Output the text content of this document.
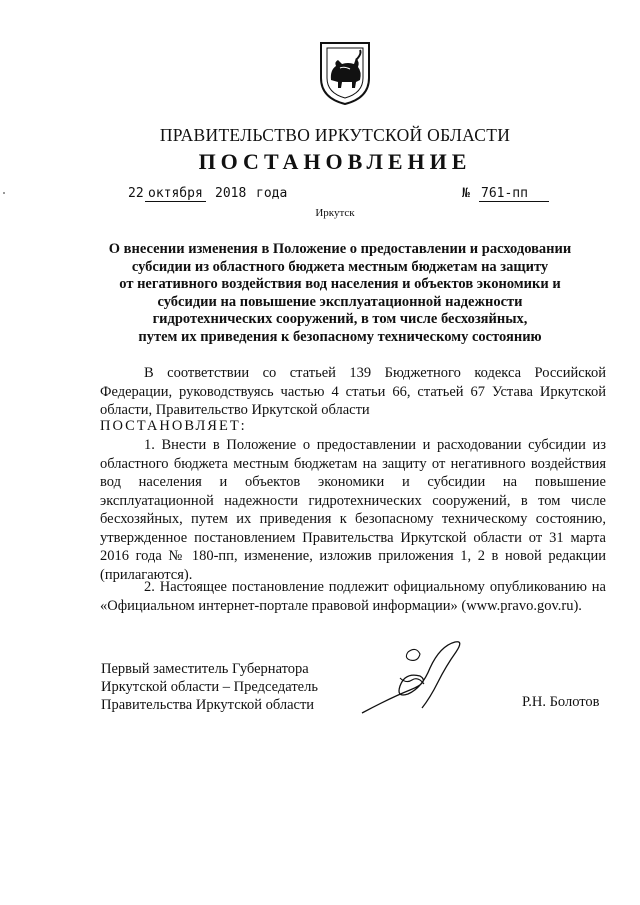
ПРАВИТЕЛЬСТВО ИРКУТСКОЙ ОБЛАСТИ
ПОСТАНОВЛЕНИЕ
22 октября 2018 года	№ 761-пп
Иркутск
О внесении изменения в Положение о предоставлении и расходовании
субсидии из областного бюджета местным бюджетам на защиту
от негативного воздействия вод населения и объектов экономики и
субсидии на повышение эксплуатационной надежности
гидротехнических сооружений, в том числе бесхозяйных,
путем их приведения к безопасному техническому состоянию
В соответствии со статьей 139 Бюджетного кодекса Российской Федерации, руководствуясь частью 4 статьи 66, статьей 67 Устава Иркутской области, Правительство Иркутской области
ПОСТАНОВЛЯЕТ:
1. Внести в Положение о предоставлении и расходовании субсидии из областного бюджета местным бюджетам на защиту от негативного воздействия вод населения и объектов экономики и субсидии на повышение эксплуатационной надежности гидротехнических сооружений, в том числе бесхозяйных, путем их приведения к безопасному техническому состоянию, утвержденное постановлением Правительства Иркутской области от 31 марта 2016 года № 180-пп, изменение, изложив приложения 1, 2 в новой редакции (прилагаются).
2. Настоящее постановление подлежит официальному опубликованию на «Официальном интернет-портале правовой информации» (www.pravo.gov.ru).
Первый заместитель Губернатора
Иркутской области – Председатель
Правительства Иркутской области	Р.Н. Болотов
